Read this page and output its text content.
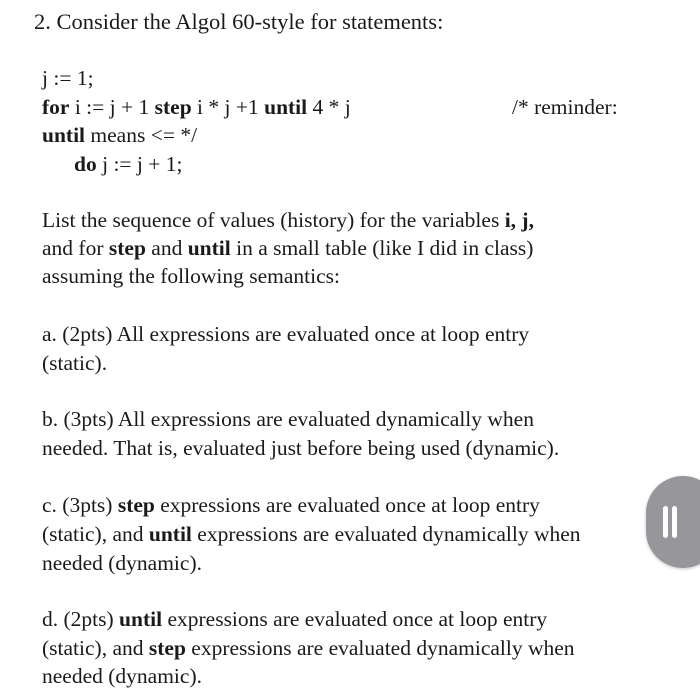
2. Consider the Algol 60-style for statements:
j := 1;
for i := j + 1 step i * j +1 until 4 * j	/* reminder:
until means <= */
do j := j + 1;
List the sequence of values (history) for the variables i, j,
and for step and until in a small table (like I did in class)
assuming the following semantics:
a. (2pts) All expressions are evaluated once at loop entry
(static).
b. (3pts) All expressions are evaluated dynamically when
needed. That is, evaluated just before being used (dynamic).
c. (3pts) step expressions are evaluated once at loop entry
(static), and until expressions are evaluated dynamically when
needed (dynamic).
d. (2pts) until expressions are evaluated once at loop entry
(static), and step expressions are evaluated dynamically when
needed (dynamic).
